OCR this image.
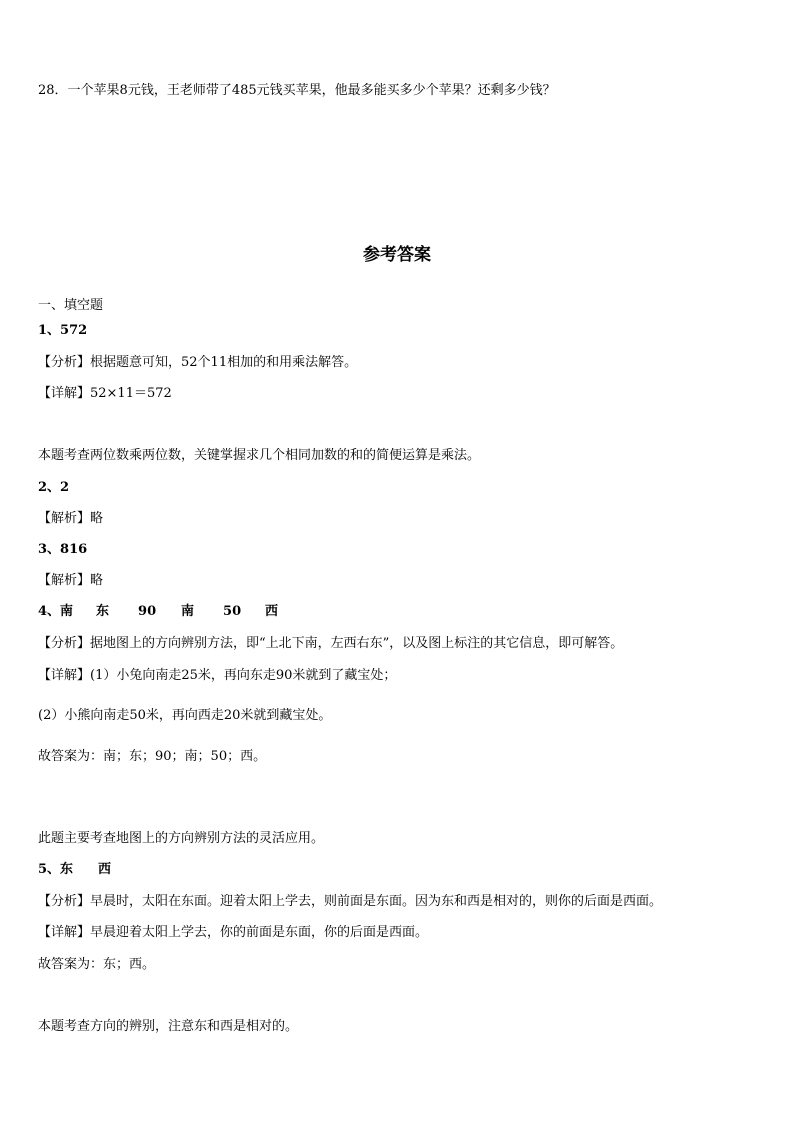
28．一个苹果8元钱，王老师带了485元钱买苹果，他最多能买多少个苹果？还剩多少钱？
参考答案
一、填空题
1、572
【分析】根据题意可知，52个11相加的和用乘法解答。
【详解】52×11＝572
本题考查两位数乘两位数，关键掌握求几个相同加数的和的简便运算是乘法。
2、2
【解析】略
3、816
【解析】略
4、南 东 90 南 50 西
【分析】据地图上的方向辨别方法，即“上北下南，左西右东”，以及图上标注的其它信息，即可解答。
【详解】(1）小兔向南走25米，再向东走90米就到了藏宝处；
(2）小熊向南走50米，再向西走20米就到藏宝处。
故答案为：南；东；90；南；50；西。
此题主要考查地图上的方向辨别方法的灵活应用。
5、东 西
【分析】早晨时，太阳在东面。迎着太阳上学去，则前面是东面。因为东和西是相对的，则你的后面是西面。
【详解】早晨迎着太阳上学去，你的前面是东面，你的后面是西面。
故答案为：东；西。
本题考查方向的辨别，注意东和西是相对的。
